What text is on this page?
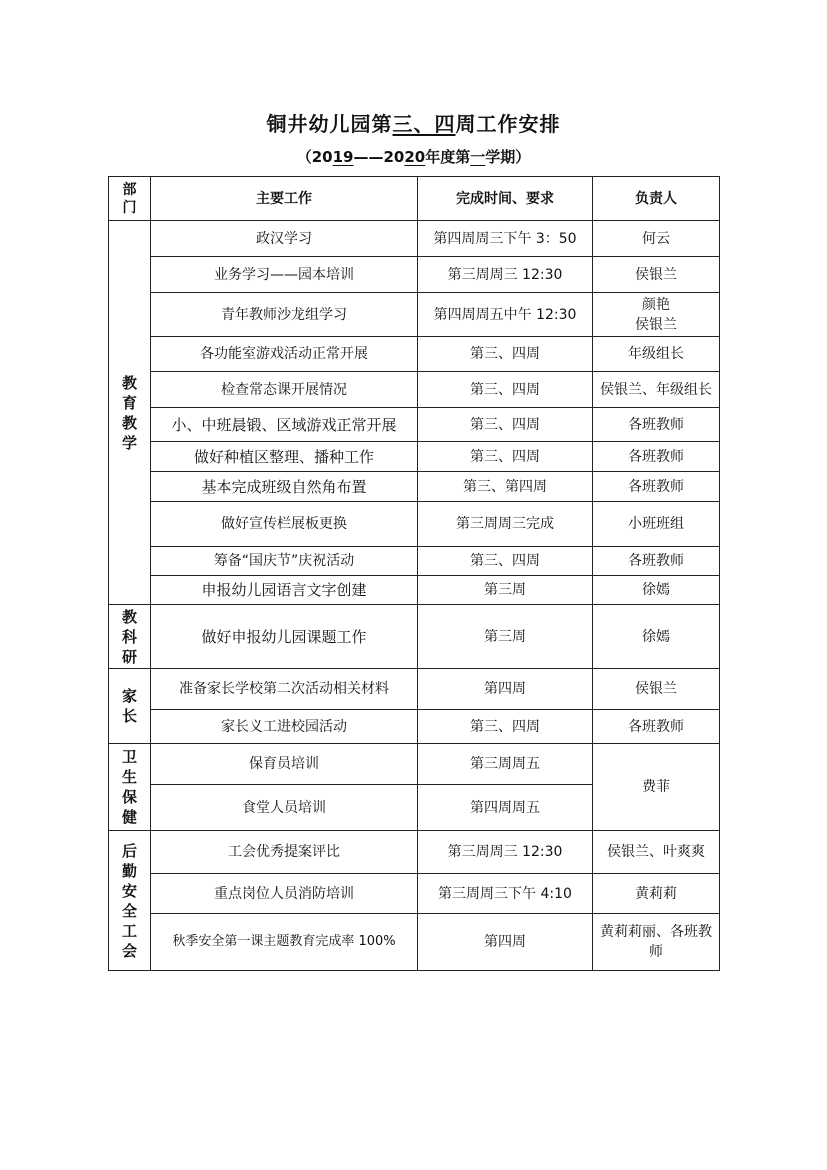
铜井幼儿园第三、四周工作安排
（2019——2020年度第一学期）
部门	主要工作	完成时间、要求	负责人
教育教学	政汉学习	第四周周三下午 3：50	何云
	业务学习——园本培训	第三周周三 12:30	侯银兰
	青年教师沙龙组学习	第四周周五中午 12:30	颜艳
侯银兰
	各功能室游戏活动正常开展	第三、四周	年级组长
	检查常态课开展情况	第三、四周	侯银兰、年级组长
	小、中班晨锻、区域游戏正常开展	第三、四周	各班教师
	做好种植区整理、播种工作	第三、四周	各班教师
	基本完成班级自然角布置	第三、第四周	各班教师
	做好宣传栏展板更换	第三周周三完成	小班班组
	筹备“国庆节”庆祝活动	第三、四周	各班教师
	申报幼儿园语言文字创建	第三周	徐嫣
教科研	做好申报幼儿园课题工作	第三周	徐嫣
家长	准备家长学校第二次活动相关材料	第四周	侯银兰
	家长义工进校园活动	第三、四周	各班教师
卫生保健	保育员培训	第三周周五	费菲
	食堂人员培训	第四周周五	
后勤安全工会	工会优秀提案评比	第三周周三 12:30	侯银兰、叶爽爽
	重点岗位人员消防培训	第三周周三下午 4:10	黄莉莉
	秋季安全第一课主题教育完成率 100%	第四周	黄莉莉丽、各班教师
